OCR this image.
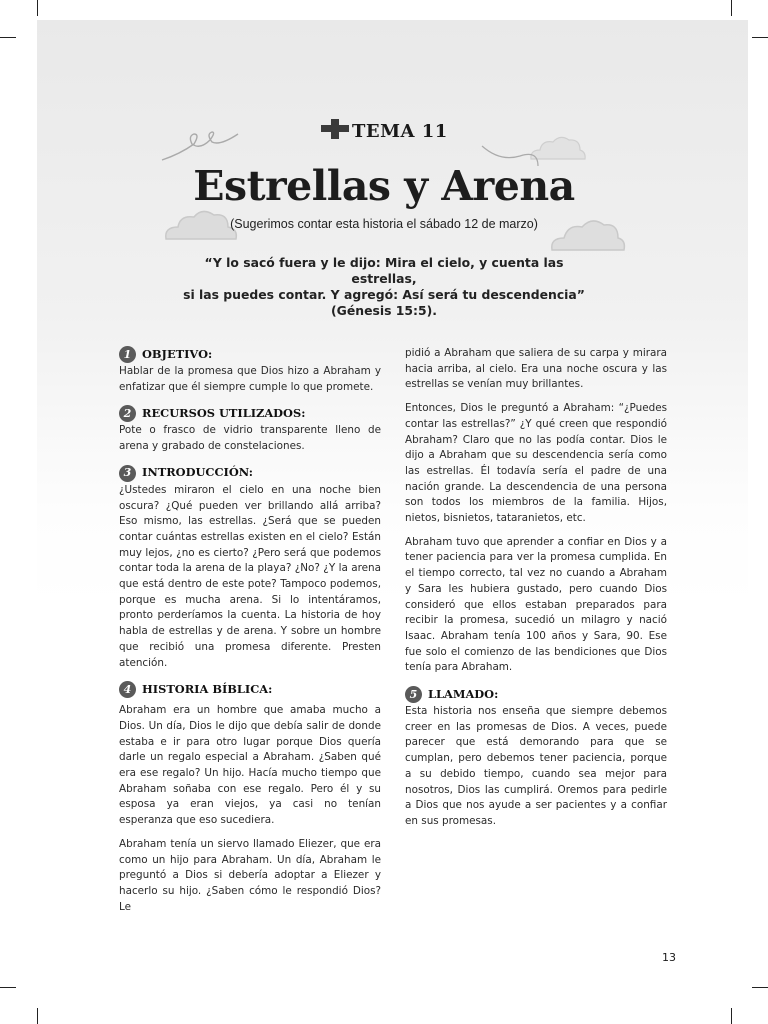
TEMA 11
Estrellas y Arena
(Sugerimos contar esta historia el sábado 12 de marzo)
“Y lo sacó fuera y le dijo: Mira el cielo, y cuenta las estrellas,
si las puedes contar. Y agregó: Así será tu descendencia”
(Génesis 15:5).
1 OBJETIVO:

Hablar de la promesa que Dios hizo a Abraham y enfatizar que él siempre cumple lo que promete.

2 RECURSOS UTILIZADOS:

Pote o frasco de vidrio transparente lleno de arena y grabado de constelaciones.

3 INTRODUCCIÓN:

¿Ustedes miraron el cielo en una noche bien oscura? ¿Qué pueden ver brillando allá arriba? Eso mismo, las estrellas. ¿Será que se pueden contar cuántas estrellas existen en el cielo? Están muy lejos, ¿no es cierto? ¿Pero será que podemos contar toda la arena de la playa? ¿No? ¿Y la arena que está dentro de este pote? Tampoco podemos, porque es mucha arena. Si lo intentáramos, pronto perderíamos la cuenta. La historia de hoy habla de estrellas y de arena. Y sobre un hombre que recibió una promesa diferente. Presten atención.

4 HISTORIA BÍBLICA:

Abraham era un hombre que amaba mucho a Dios. Un día, Dios le dijo que debía salir de donde estaba e ir para otro lugar porque Dios quería darle un regalo especial a Abraham. ¿Saben qué era ese regalo? Un hijo. Hacía mucho tiempo que Abraham soñaba con ese regalo. Pero él y su esposa ya eran viejos, ya casi no tenían esperanza que eso sucediera.

Abraham tenía un siervo llamado Eliezer, que era como un hijo para Abraham. Un día, Abraham le preguntó a Dios si debería adoptar a Eliezer y hacerlo su hijo. ¿Saben cómo le respondió Dios? Le

pidió a Abraham que saliera de su carpa y mirara hacia arriba, al cielo. Era una noche oscura y las estrellas se venían muy brillantes.

Entonces, Dios le preguntó a Abraham: “¿Puedes contar las estrellas?” ¿Y qué creen que respondió Abraham? Claro que no las podía contar. Dios le dijo a Abraham que su descendencia sería como las estrellas. Él todavía sería el padre de una nación grande. La descendencia de una persona son todos los miembros de la familia. Hijos, nietos, bisnietos, tataranietos, etc.

Abraham tuvo que aprender a confiar en Dios y a tener paciencia para ver la promesa cumplida. En el tiempo correcto, tal vez no cuando a Abraham y Sara les hubiera gustado, pero cuando Dios consideró que ellos estaban preparados para recibir la promesa, sucedió un milagro y nació Isaac. Abraham tenía 100 años y Sara, 90. Ese fue solo el comienzo de las bendiciones que Dios tenía para Abraham.

5 LLAMADO:

Esta historia nos enseña que siempre debemos creer en las promesas de Dios. A veces, puede parecer que está demorando para que se cumplan, pero debemos tener paciencia, porque a su debido tiempo, cuando sea mejor para nosotros, Dios las cumplirá. Oremos para pedirle a Dios que nos ayude a ser pacientes y a confiar en sus promesas.

13
